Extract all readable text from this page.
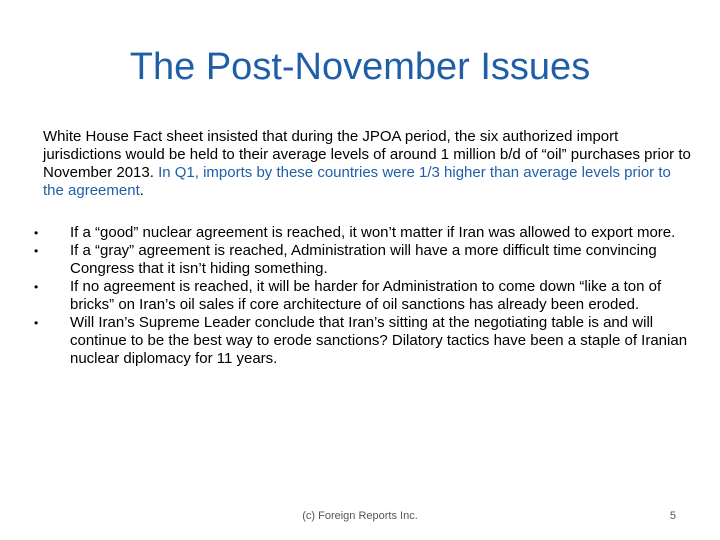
The Post-November Issues
White House Fact sheet insisted that during the JPOA period, the six authorized import jurisdictions would be held to their average levels of around 1 million b/d of “oil” purchases prior to November 2013. In Q1, imports by these countries were 1/3 higher than average levels prior to the agreement.
•	If a “good” nuclear agreement is reached, it won’t matter if Iran was allowed to export more.
•	If a “gray” agreement is reached, Administration will have a more difficult time convincing Congress that it isn’t hiding something.
•	If no agreement is reached, it will be harder for Administration to come down “like a ton of bricks” on Iran’s oil sales if core architecture of oil sanctions has already been eroded.
•	Will Iran’s Supreme Leader conclude that Iran’s sitting at the negotiating table is and will continue to be the best way to erode sanctions? Dilatory tactics have been a staple of Iranian nuclear diplomacy for 11 years.
(c) Foreign Reports Inc.	5
